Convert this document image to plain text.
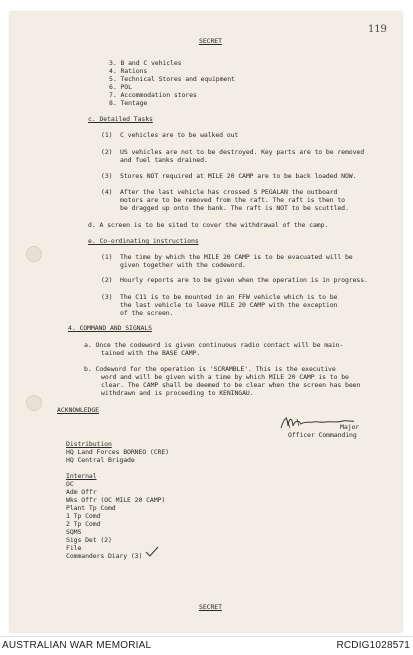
119
SECRET
3. B and C vehicles
4. Rations
5. Technical Stores and equipment
6. POL
7. Accommodation stores
8. Tentage
c. Detailed Tasks
(1) C vehicles are to be walked out
(2) US vehicles are not to be destroyed. Key parts are to be removed
and fuel tanks drained.
(3) Stores NOT required at MILE 20 CAMP are to be back loaded NOW.
(4) After the last vehicle has crossed S PEGALAN the outboard
motors are to be removed from the raft. The raft is then to
be dragged up onto the bank. The raft is NOT to be scuttled.
d. A screen is to be sited to cover the withdrawal of the camp.
e. Co-ordinating instructions
(1) The time by which the MILE 20 CAMP is to be evacuated will be
given together with the codeword.
(2) Hourly reports are to be given when the operation is in progress.
(3) The C11 is to be mounted in an FFW vehicle which is to be
the last vehicle to leave MILE 20 CAMP with the exception
of the screen.
4. COMMAND AND SIGNALS
a. Once the codeword is given continuous radio contact will be main-
tained with the BASE CAMP.
b. Codeword for the operation is 'SCRAMBLE'. This is the executive
word and will be given with a time by which MILE 20 CAMP is to be
clear. The CAMP shall be deemed to be clear when the screen has been
withdrawn and is proceeding to KENINGAU.
ACKNOWLEDGE
Major
Officer Commanding
Distribution
HQ Land Forces BORNEO (CRE)
HQ Central Brigade
Internal
OC
Adm Offr
Wks Offr (OC MILE 20 CAMP)
Plant Tp Comd
1 Tp Comd
2 Tp Comd
SQMS
Sigs Det (2)
File
Commanders Diary (3)
SECRET
AUSTRALIAN WAR MEMORIAL	RCDIG1028571
